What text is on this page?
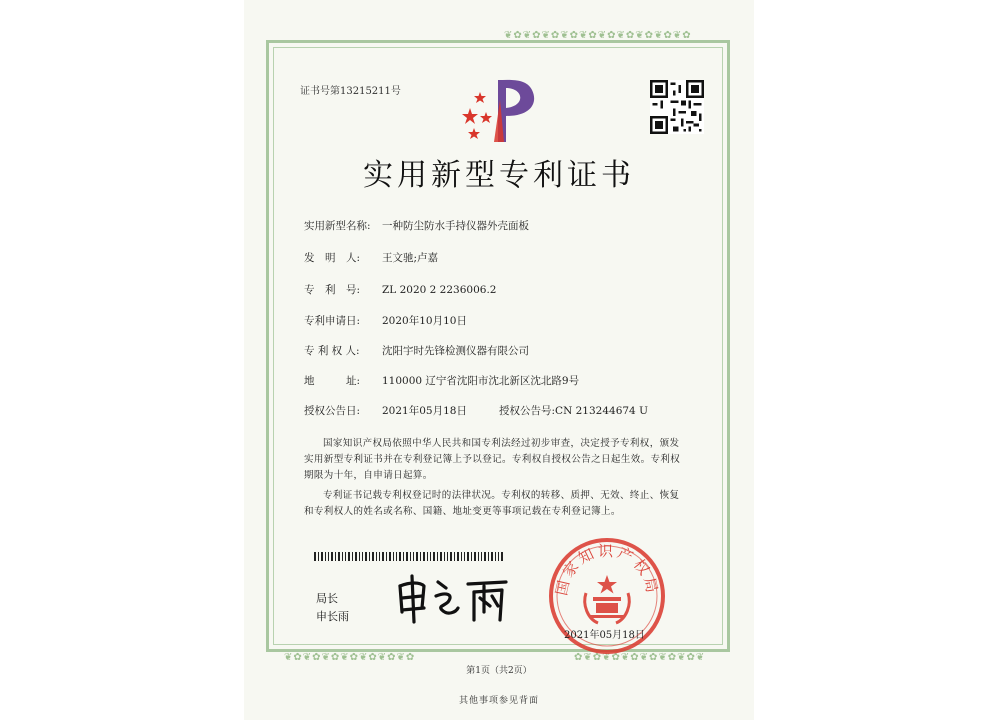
❦✿❦✿❦✿❦✿❦✿❦✿❦✿❦✿❦✿❦✿
❦✿❦✿❦✿❦✿❦✿❦✿❦✿	✿❦✿❦✿❦✿❦✿❦✿❦✿❦
证书号第13215211号
实用新型专利证书
实用新型名称: 一种防尘防水手持仪器外壳面板
发　明　人: 王文驰;卢嘉
专　利　号: ZL 2020 2 2236006.2
专利申请日: 2020年10月10日
专 利 权 人: 沈阳宇时先锋检测仪器有限公司
地　　　址: 110000 辽宁省沈阳市沈北新区沈北路9号
授权公告日: 2021年05月18日	授权公告号:CN 213244674 U
国家知识产权局依照中华人民共和国专利法经过初步审查，决定授予专利权，颁发实用新型专利证书并在专利登记簿上予以登记。专利权自授权公告之日起生效。专利权期限为十年，自申请日起算。
专利证书记载专利权登记时的法律状况。专利权的转移、质押、无效、终止、恢复和专利权人的姓名或名称、国籍、地址变更等事项记载在专利登记簿上。
局长
申长雨
国家知识产权局
2021年05月18日
第1页（共2页）
其他事项参见背面
